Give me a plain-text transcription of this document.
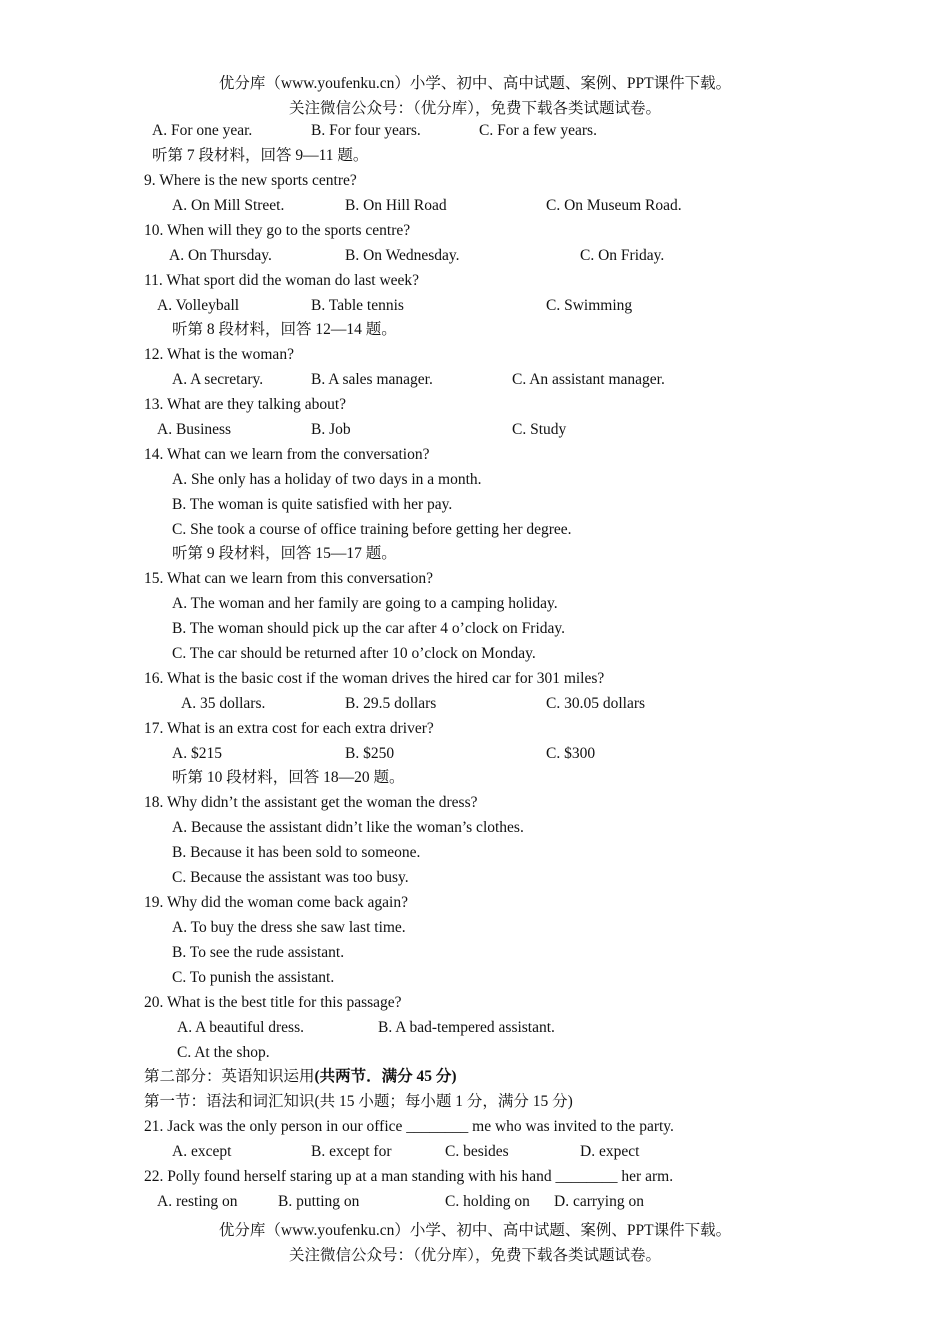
优分库（www.youfenku.cn）小学、初中、高中试题、案例、PPT课件下载。
关注微信公众号：（优分库），免费下载各类试题试卷。
A. For one year.	B. For four years.	C. For a few years.
听第 7 段材料，回答 9—11 题。
9. Where is the new sports centre?
A. On Mill Street.	B. On Hill Road	C. On Museum Road.
10. When will they go to the sports centre?
A. On Thursday.	B. On Wednesday.	C. On Friday.
11. What sport did the woman do last week?
A. Volleyball	B. Table tennis	C. Swimming
听第 8 段材料，回答 12—14 题。
12. What is the woman?
A. A secretary.	B. A sales manager.	C. An assistant manager.
13. What are they talking about?
A. Business	B. Job	C. Study
14. What can we learn from the conversation?
A. She only has a holiday of two days in a month.
B. The woman is quite satisfied with her pay.
C. She took a course of office training before getting her degree.
听第 9 段材料，回答 15—17 题。
15. What can we learn from this conversation?
A. The woman and her family are going to a camping holiday.
B. The woman should pick up the car after 4 o’clock on Friday.
C. The car should be returned after 10 o’clock on Monday.
16. What is the basic cost if the woman drives the hired car for 301 miles?
A. 35 dollars.	B. 29.5 dollars	C. 30.05 dollars
17. What is an extra cost for each extra driver?
A. $215	B. $250	C. $300
听第 10 段材料，回答 18—20 题。
18. Why didn’t the assistant get the woman the dress?
A. Because the assistant didn’t like the woman’s clothes.
B. Because it has been sold to someone.
C. Because the assistant was too busy.
19. Why did the woman come back again?
A. To buy the dress she saw last time.
B. To see the rude assistant.
C. To punish the assistant.
20. What is the best title for this passage?
A. A beautiful dress.	B. A bad-tempered assistant.
C. At the shop.
第二部分：英语知识运用(共两节．满分 45 分)
第一节：语法和词汇知识(共 15 小题；每小题 1 分，满分 15 分)
21. Jack was the only person in our office ________ me who was invited to the party.
A. except	B. except for	C. besides	D. expect
22. Polly found herself staring up at a man standing with his hand ________ her arm.
A. resting on	B. putting on	C. holding on D. carrying on
优分库（www.youfenku.cn）小学、初中、高中试题、案例、PPT课件下载。
关注微信公众号：（优分库），免费下载各类试题试卷。
